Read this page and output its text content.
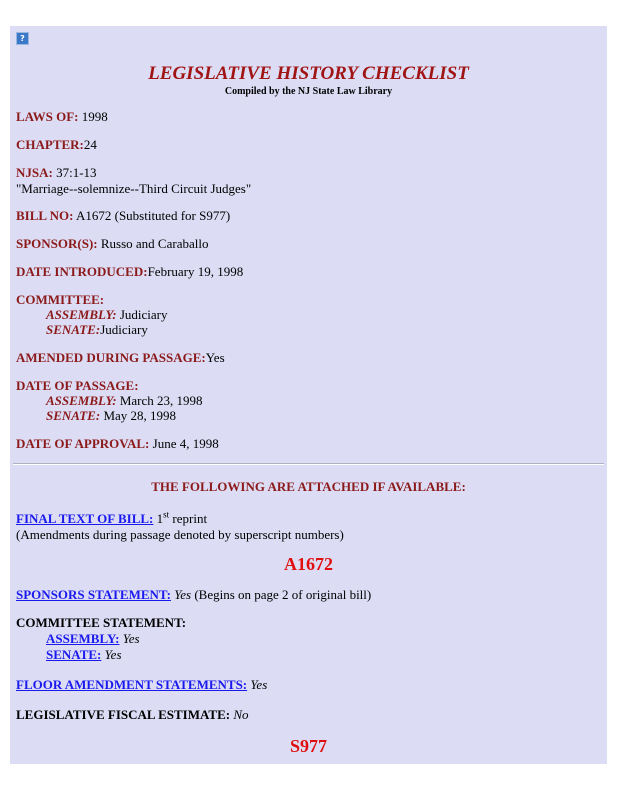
?
LEGISLATIVE HISTORY CHECKLIST
Compiled by the NJ State Law Library
LAWS OF: 1998
CHAPTER:24
NJSA: 37:1-13
"Marriage--solemnize--Third Circuit Judges"
BILL NO: A1672 (Substituted for S977)
SPONSOR(S): Russo and Caraballo
DATE INTRODUCED:February 19, 1998
COMMITTEE:
ASSEMBLY: Judiciary
SENATE:Judiciary
AMENDED DURING PASSAGE:Yes
DATE OF PASSAGE:
ASSEMBLY: March 23, 1998
SENATE: May 28, 1998
DATE OF APPROVAL: June 4, 1998
THE FOLLOWING ARE ATTACHED IF AVAILABLE:
FINAL TEXT OF BILL: 1st reprint
(Amendments during passage denoted by superscript numbers)
A1672
SPONSORS STATEMENT: Yes (Begins on page 2 of original bill)
COMMITTEE STATEMENT:
ASSEMBLY: Yes
SENATE: Yes
FLOOR AMENDMENT STATEMENTS: Yes
LEGISLATIVE FISCAL ESTIMATE: No
S977
